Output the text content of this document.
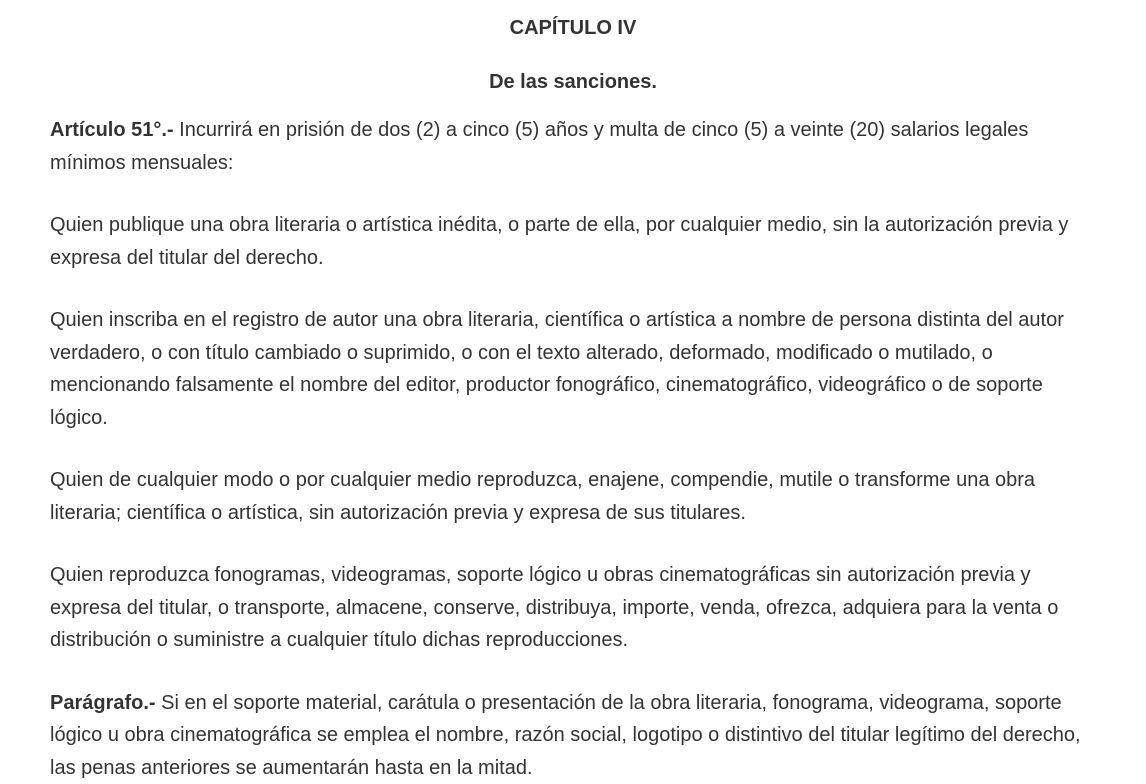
CAPÍTULO IV
De las sanciones.

Artículo 51°.- Incurrirá en prisión de dos (2) a cinco (5) años y multa de cinco (5) a veinte (20) salarios legales mínimos mensuales:

Quien publique una obra literaria o artística inédita, o parte de ella, por cualquier medio, sin la autorización previa y expresa del titular del derecho.

Quien inscriba en el registro de autor una obra literaria, científica o artística a nombre de persona distinta del autor verdadero, o con título cambiado o suprimido, o con el texto alterado, deformado, modificado o mutilado, o mencionando falsamente el nombre del editor, productor fonográfico, cinematográfico, videográfico o de soporte lógico.

Quien de cualquier modo o por cualquier medio reproduzca, enajene, compendie, mutile o transforme una obra literaria; científica o artística, sin autorización previa y expresa de sus titulares.

Quien reproduzca fonogramas, videogramas, soporte lógico u obras cinematográficas sin autorización previa y expresa del titular, o transporte, almacene, conserve, distribuya, importe, venda, ofrezca, adquiera para la venta o distribución o suministre a cualquier título dichas reproducciones.

Parágrafo.- Si en el soporte material, carátula o presentación de la obra literaria, fonograma, videograma, soporte lógico u obra cinematográfica se emplea el nombre, razón social, logotipo o distintivo del titular legítimo del derecho, las penas anteriores se aumentarán hasta en la mitad.
